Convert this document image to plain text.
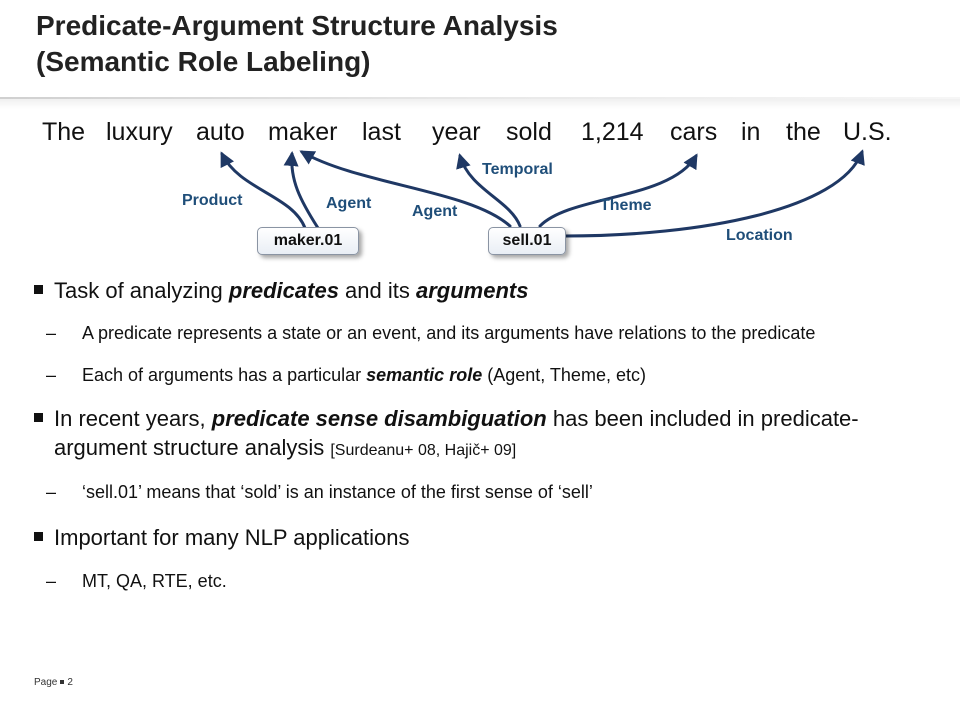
Predicate-Argument Structure Analysis
(Semantic Role Labeling)
The luxury auto maker last year sold 1,214 cars in the U.S.
Product	Agent	Agent
Temporal
Theme
Location
maker.01	sell.01
Task of analyzing predicates and its arguments
– A predicate represents a state or an event, and its arguments have relations to the predicate
– Each of arguments has a particular semantic role (Agent, Theme, etc)
In recent years, predicate sense disambiguation has been included in predicate-argument structure analysis [Surdeanu+ 08, Hajič+ 09]
– ‘sell.01’ means that ‘sold’ is an instance of the first sense of ‘sell’
Important for many NLP applications
– MT, QA, RTE, etc.
Page 2
